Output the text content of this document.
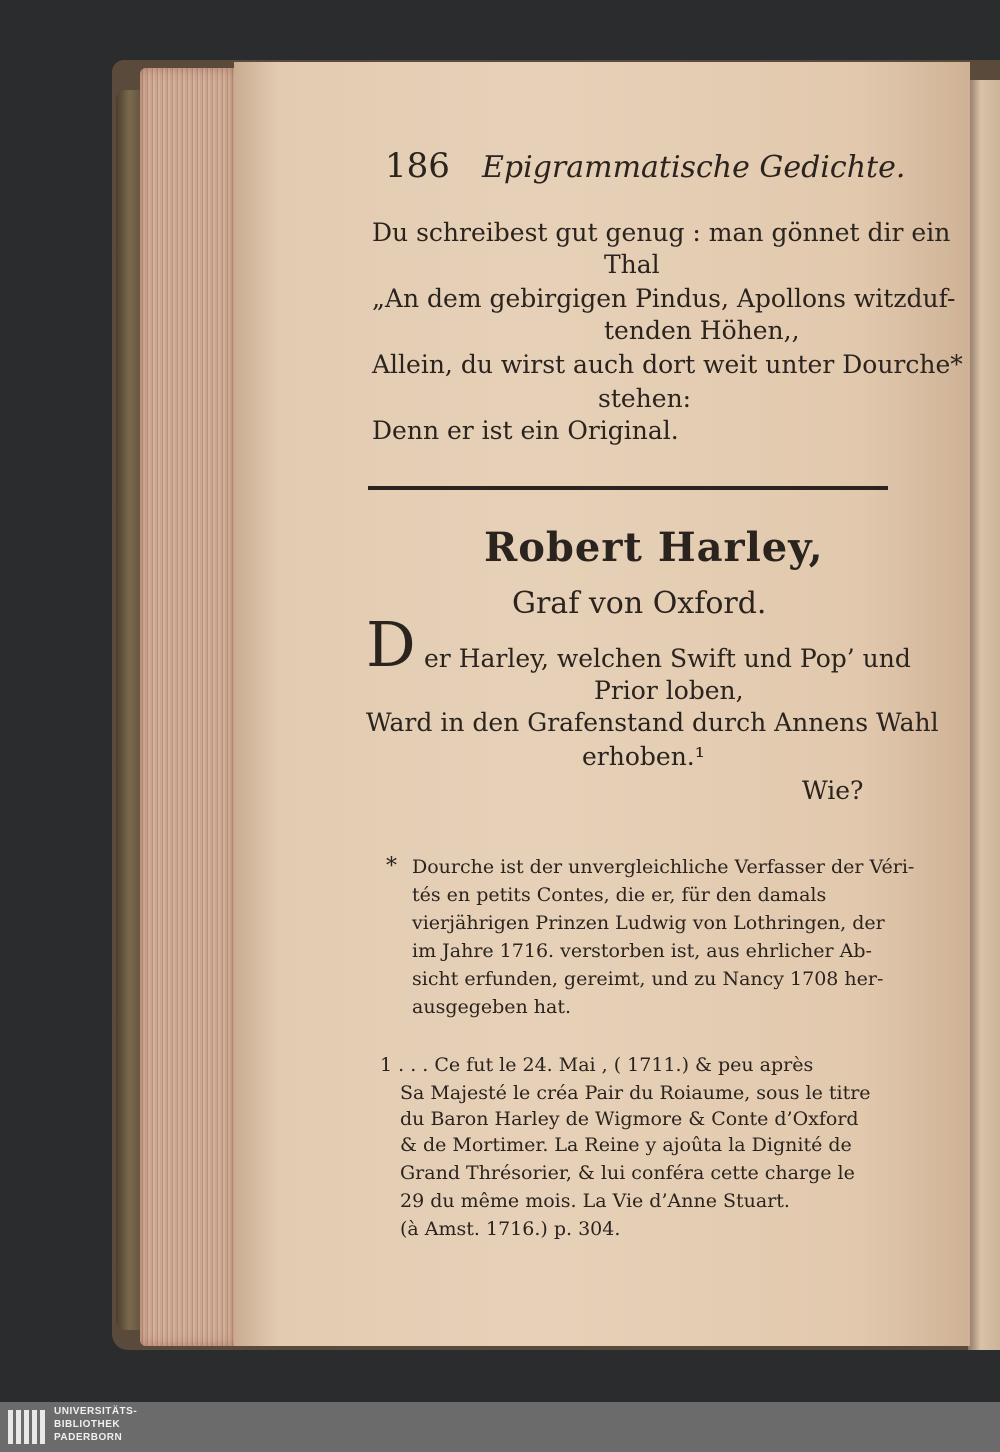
186 Epigrammatische Gedichte.
Du schreibest gut genug : man gönnet dir ein
Thal
„An dem gebirgigen Pindus, Apollons witzduf-
tenden Höhen,,
Allein, du wirst auch dort weit unter Dourche*
stehen:
Denn er ist ein Original.
Robert Harley,
Graf von Oxford.
D er Harley, welchen Swift und Pop’ und
Prior loben,
Ward in den Grafenstand durch Annens Wahl
erhoben.¹
Wie?
* Dourche ist der unvergleichliche Verfasser der Véri-
tés en petits Contes, die er, für den damals
vierjährigen Prinzen Ludwig von Lothringen, der
im Jahre 1716. verstorben ist, aus ehrlicher Ab-
sicht erfunden, gereimt, und zu Nancy 1708 her-
ausgegeben hat.
1 . . . Ce fut le 24. Mai , ( 1711.) & peu après
Sa Majesté le créa Pair du Roiaume, sous le titre
du Baron Harley de Wigmore & Conte d’Oxford
& de Mortimer. La Reine y ajoûta la Dignité de
Grand Thrésorier, & lui conféra cette charge le
29 du même mois. La Vie d’Anne Stuart.
(à Amst. 1716.) p. 304.
UNIVERSITÄTS-
BIBLIOTHEK
PADERBORN
